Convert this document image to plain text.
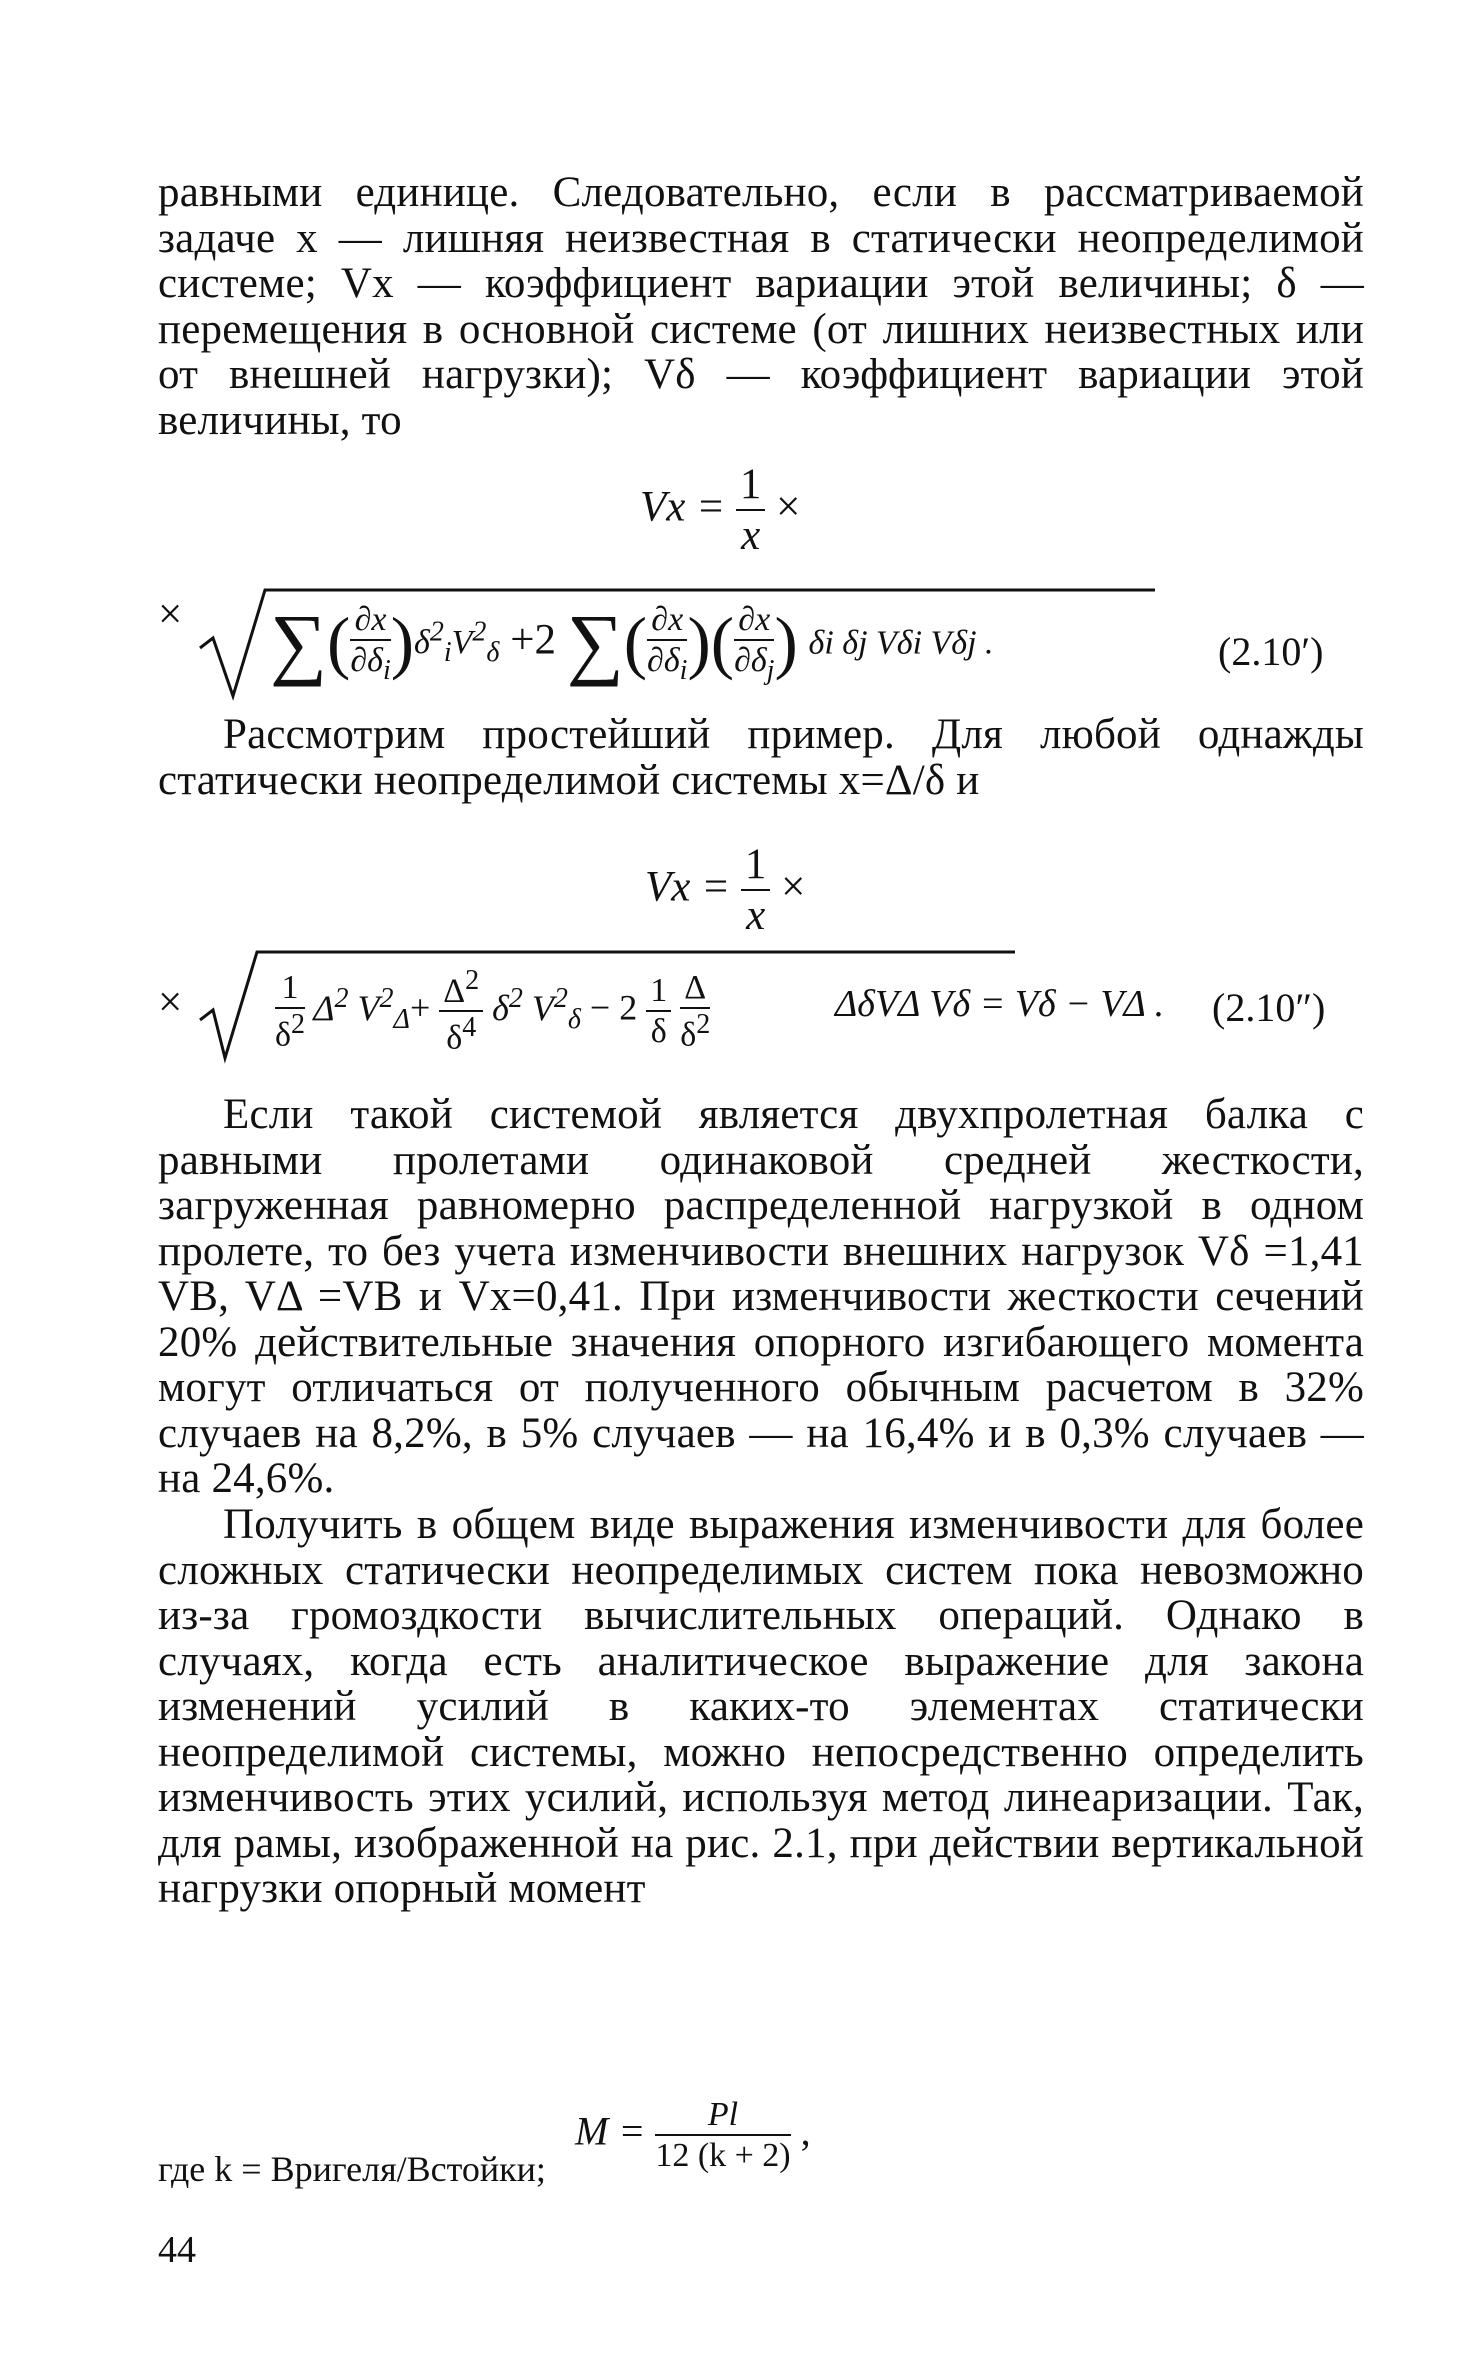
равными единице. Следовательно, если в рассматриваемой задаче x — лишняя неизвестная в статически неопределимой системе; Vx — коэффициент вариации этой величины; δ — перемещения в основной системе (от лишних неизвестных или от внешней нагрузки); Vδ — коэффициент вариации этой величины, то

$Vx = \frac{1}{x}$ ×
× ∑( $\frac{\partial x}{\partial\delta_i} )\delta^2_iV^2_\delta +2$ ∑( $\frac{\partial x}{\partial\delta_i}$ )( $\frac{\partial x}{\partial\delta_j}$ ) δi δj Vδi Vδj .	(2.10′)

Рассмотрим простейший пример. Для любой однажды статически неопределимой системы x=Δ/δ и

$Vx = \frac{1}{x}$ ×
×	$\frac{1}{\delta^2} \Delta^2$ $V^2_\Delta+ \frac{\Delta^2}{\delta^4} \delta^2$ $V^2_\delta - 2 \frac{1}{\delta}$
$\frac{\Delta}{\delta^2}$	ΔδVΔ Vδ = Vδ − VΔ . (2.10″)

Если такой системой является двухпролетная балка с равными пролетами одинаковой средней жесткости, загруженная равномерно распределенной нагрузкой в одном пролете, то без учета изменчивости внешних нагрузок Vδ =1,41 VB, VΔ =VB и Vx=0,41. При изменчивости жесткости сечений 20% действительные значения опорного изгибающего момента могут отличаться от полученного обычным расчетом в 32% случаев на 8,2%, в 5% случаев — на 16,4% и в 0,3% случаев — на 24,6%.

Получить в общем виде выражения изменчивости для более сложных статически неопределимых систем пока невозможно из-за громоздкости вычислительных операций. Однако в случаях, когда есть аналитическое выражение для закона изменений усилий в каких-то элементах статически неопределимой системы, можно непосредственно определить изменчивость этих усилий, используя метод линеаризации. Так, для рамы, изображенной на рис. 2.1, при действии вертикальной нагрузки опорный момент

$M = \frac{Pl}{12 (k + 2)}$ ,
где k = Bригеля/Bстойки;
44
